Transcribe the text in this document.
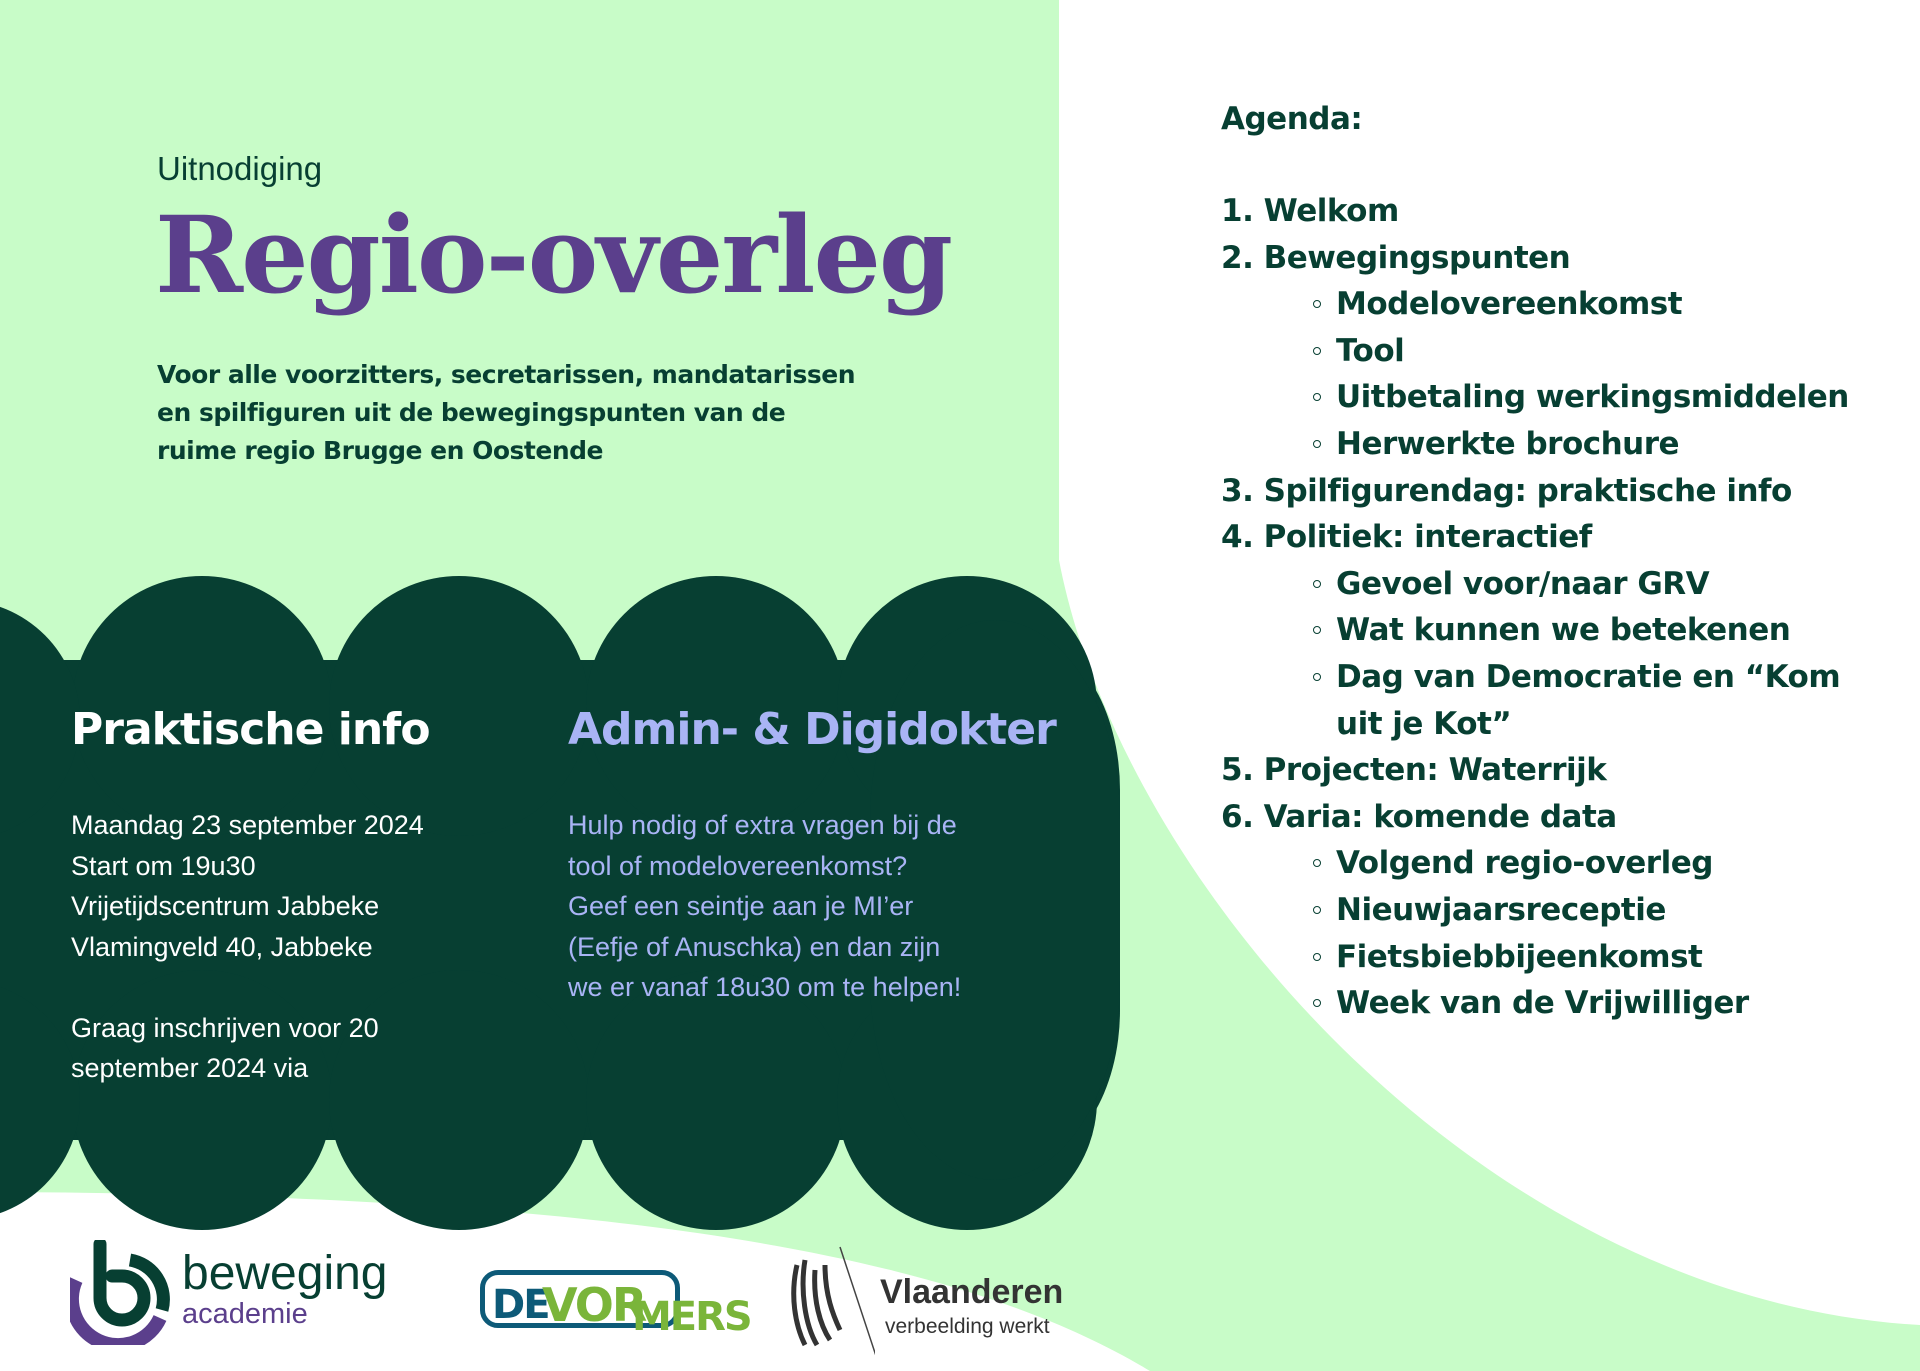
Uitnodiging
Regio-overleg
Voor alle voorzitters, secretarissen, mandatarissen
en spilfiguren uit de bewegingspunten van de
ruime regio Brugge en Oostende
Praktische info
Maandag 23 september 2024
Start om 19u30
Vrijetijdscentrum Jabbeke
Vlamingveld 40, Jabbeke
Graag inschrijven voor 20
september 2024 via
Admin- & Digidokter
Hulp nodig of extra vragen bij de
tool of modelovereenkomst?
Geef een seintje aan je MI’er
(Eefje of Anuschka) en dan zijn
we er vanaf 18u30 om te helpen!
Agenda:
1. Welkom
2. Bewegingspunten
Modelovereenkomst
Tool
Uitbetaling werkingsmiddelen
Herwerkte brochure
3. Spilfigurendag: praktische info
4. Politiek: interactief
Gevoel voor/naar GRV
Wat kunnen we betekenen
Dag van Democratie en “Kom
uit je Kot”
5. Projecten: Waterrijk
6. Varia: komende data
Volgend regio-overleg
Nieuwjaarsreceptie
Fietsbiebbijeenkomst
Week van de Vrijwilliger
beweging
academie	DE
VOR
MERS
Vlaanderen
verbeelding werkt
